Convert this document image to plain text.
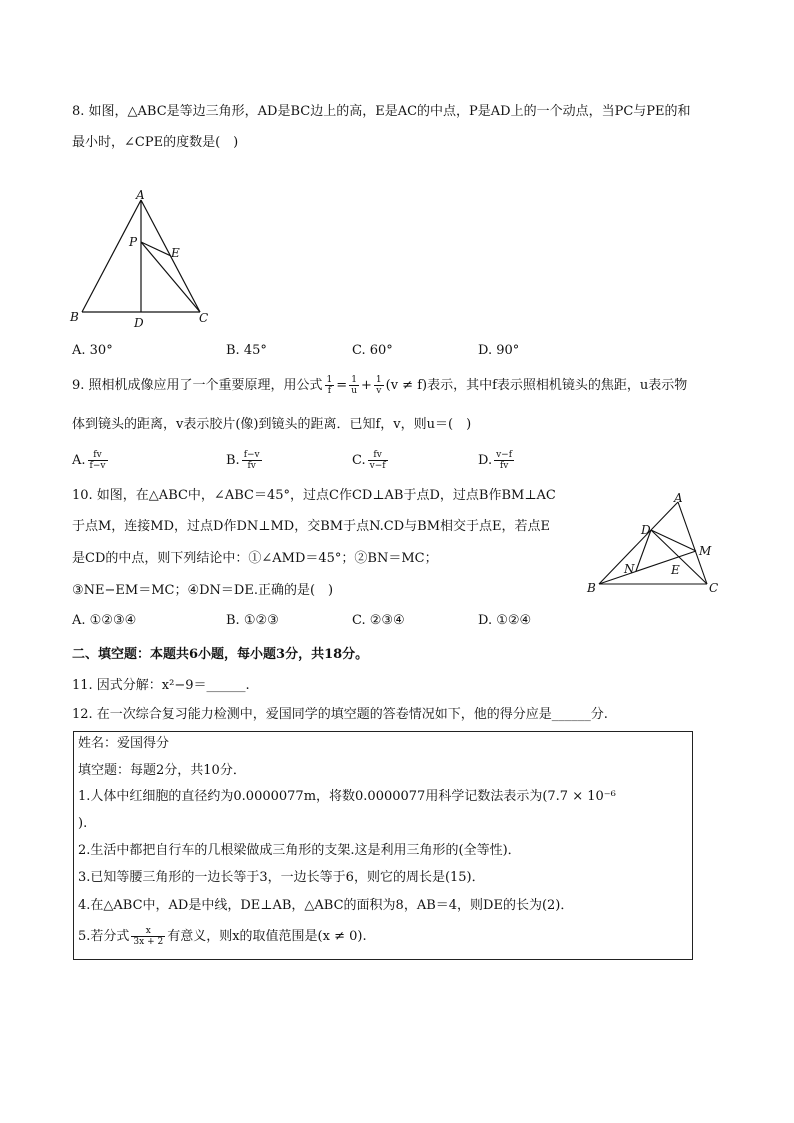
8. 如图，△ABC是等边三角形，AD是BC边上的高，E是AC的中点，P是AD上的一个动点，当PC与PE的和
最小时，∠CPE的度数是(　)
A
B	C
D
P
E
A. 30°	B. 45°	C. 60°	D. 90°
9. 照相机成像应用了一个重要原理，用公式 $\frac{1}{f} = \frac{1}{u} + \frac{1}{v} (v \ne f)$表示，其中f表示照相机镜头的焦距，u表示物
体到镜头的距离，v表示胶片(像)到镜头的距离．已知f，v，则u＝(　)
A. $\frac{fv}{f-v}$	B. $\frac{f-v}{fv}$	C. $\frac{fv}{v-f}$	D. $\frac{v-f}{fv}$
10. 如图，在△ABC中，∠ABC＝45°，过点C作CD⊥AB于点D，过点B作BM⊥AC
于点M，连接MD，过点D作DN⊥MD，交BM于点N.CD与BM相交于点E，若点E
是CD的中点，则下列结论中：①∠AMD＝45°；②BN＝MC；
③NE−EM＝MC；④DN＝DE.正确的是(　)
A
B	C
D
M
N	E
A. ①②③④	B. ①②③	C. ②③④	D. ①②④
二、填空题：本题共6小题，每小题3分，共18分。
11. 因式分解：x²−9＝______.
12. 在一次综合复习能力检测中，爱国同学的填空题的答卷情况如下，他的得分应是______分.
姓名：爱国得分
填空题：每题2分，共10分．
1.人体中红细胞的直径约为0.0000077m，将数0.0000077用科学记数法表示为(7.7 × 10⁻⁶
).
2.生活中都把自行车的几根梁做成三角形的支架.这是利用三角形的(全等性)．
3.已知等腰三角形的一边长等于3，一边长等于6，则它的周长是(15)．
4.在△ABC中，AD是中线，DE⊥AB，△ABC的面积为8，AB＝4，则DE的长为(2)．
5.若分式 $\frac{x}{3x + 2}$ 有意义，则x的取值范围是(x ≠ 0).
